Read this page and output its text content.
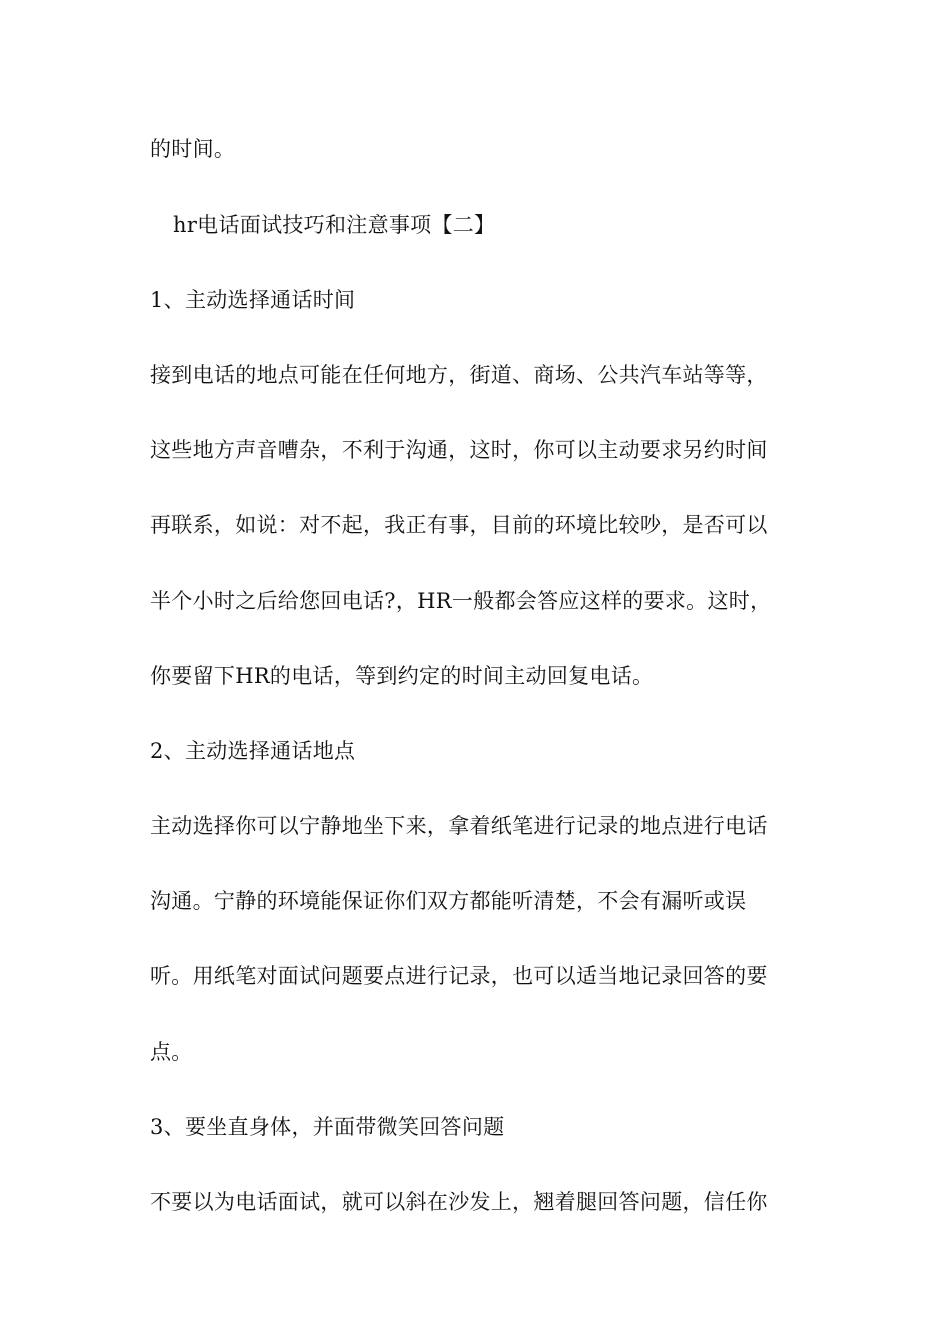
的时间。
hr电话面试技巧和注意事项【二】
1、主动选择通话时间
接到电话的地点可能在任何地方，街道、商场、公共汽车站等等，
这些地方声音嘈杂，不利于沟通，这时，你可以主动要求另约时间
再联系，如说：对不起，我正有事，目前的环境比较吵，是否可以
半个小时之后给您回电话?，HR一般都会答应这样的要求。这时，
你要留下HR的电话，等到约定的时间主动回复电话。
2、主动选择通话地点
主动选择你可以宁静地坐下来，拿着纸笔进行记录的地点进行电话
沟通。宁静的环境能保证你们双方都能听清楚，不会有漏听或误
听。用纸笔对面试问题要点进行记录，也可以适当地记录回答的要
点。
3、要坐直身体，并面带微笑回答问题
不要以为电话面试，就可以斜在沙发上，翘着腿回答问题，信任你
